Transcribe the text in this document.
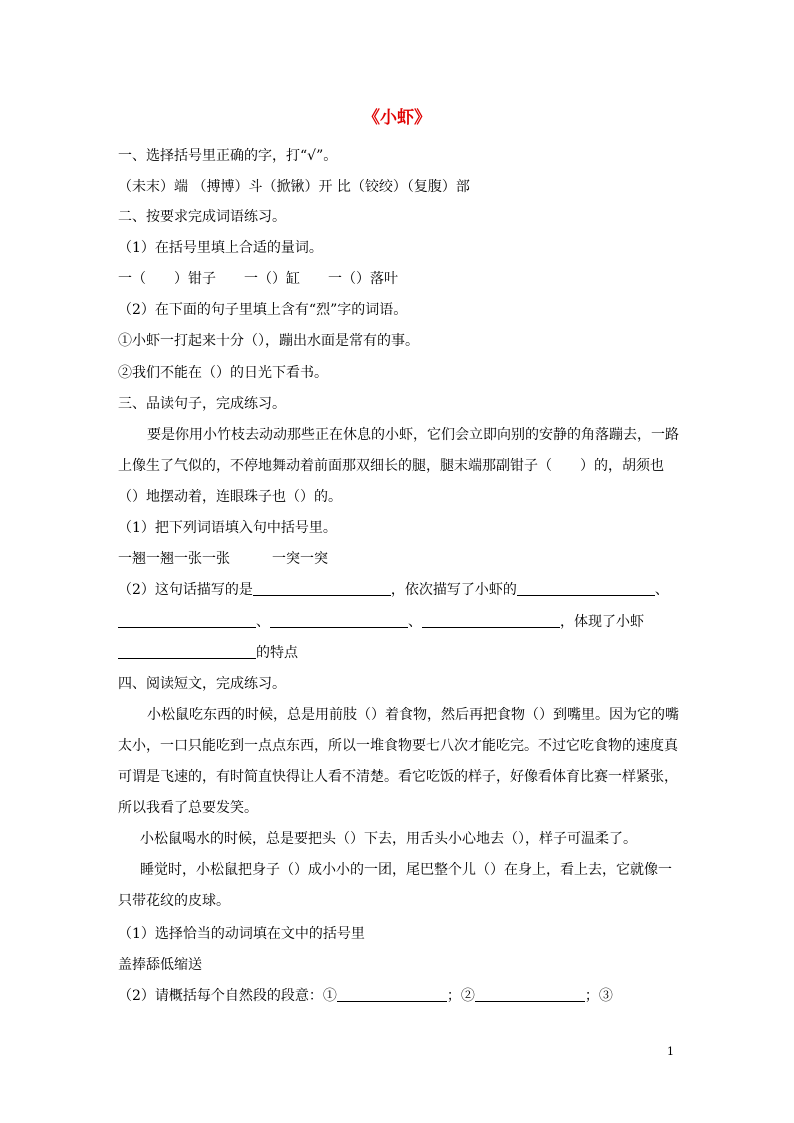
《小虾》
一、选择括号里正确的字，打“√”。
（未末）端 （搏博）斗（掀锹）开 比（铰绞）（复腹）部
二、按要求完成词语练习。
（1）在括号里填上合适的量词。
一（　　）钳子　　一（）缸　　一（）落叶
（2）在下面的句子里填上含有“烈”字的词语。
①小虾一打起来十分（），蹦出水面是常有的事。
②我们不能在（）的日光下看书。
三、品读句子，完成练习。
要是你用小竹枝去动动那些正在休息的小虾，它们会立即向别的安静的角落蹦去，一路
上像生了气似的，不停地舞动着前面那双细长的腿，腿末端那副钳子（　　）的，胡须也
（）地摆动着，连眼珠子也（）的。
（1）把下列词语填入句中括号里。
一翘一翘一张一张　　　一突一突
（2）这句话描写的是	，依次描写了小虾的	、
、	、	，体现了小虾
的特点
四、阅读短文，完成练习。
小松鼠吃东西的时候，总是用前肢（）着食物，然后再把食物（）到嘴里。因为它的嘴
太小，一口只能吃到一点点东西，所以一堆食物要七八次才能吃完。不过它吃食物的速度真
可谓是飞速的，有时简直快得让人看不清楚。看它吃饭的样子，好像看体育比赛一样紧张，
所以我看了总要发笑。
小松鼠喝水的时候，总是要把头（）下去，用舌头小心地去（），样子可温柔了。
睡觉时，小松鼠把身子（）成小小的一团，尾巴整个儿（）在身上，看上去，它就像一
只带花纹的皮球。
（1）选择恰当的动词填在文中的括号里
盖捧舔低缩送
（2）请概括每个自然段的段意：①	；②	；③
1
